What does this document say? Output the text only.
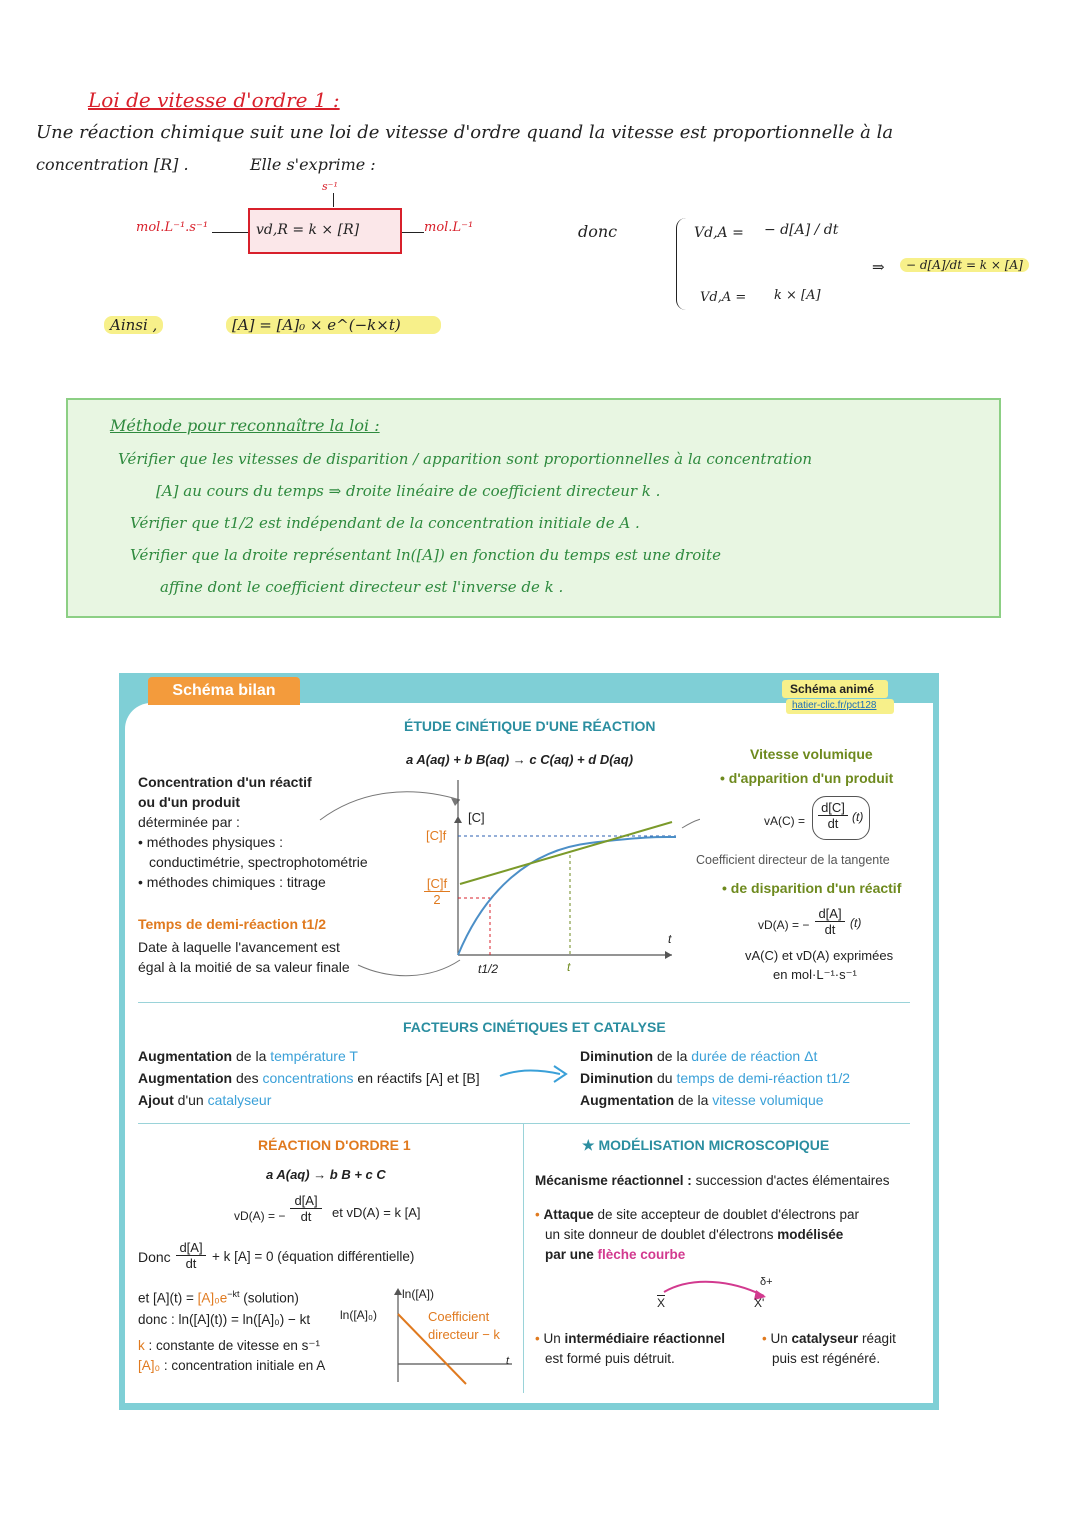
Loi de vitesse d'ordre 1 :
Une réaction chimique suit une loi de vitesse d'ordre quand la vitesse est proportionnelle à la
concentration [R] .	Elle s'exprime :
s⁻¹
mol.L⁻¹.s⁻¹	vd,R = k × [R]	mol.L⁻¹	donc	Vd,A = − d[A] / dt
Vd,A = k × [A]
⇒	− d[A]/dt = k × [A]
Ainsi ,	[A] = [A]₀ × e^(−k×t)
Méthode pour reconnaître la loi :
Vérifier que les vitesses de disparition / apparition sont proportionnelles à la concentration
[A] au cours du temps ⇒ droite linéaire de coefficient directeur k .
Vérifier que t1/2 est indépendant de la concentration initiale de A .
Vérifier que la droite représentant ln([A]) en fonction du temps est une droite
affine dont le coefficient directeur est l'inverse de k .
Schéma bilan	Schéma animé
hatier-clic.fr/pct128
ÉTUDE CINÉTIQUE D'UNE RÉACTION
a A(aq) + b B(aq) → c C(aq) + d D(aq)
Concentration d'un réactif
ou d'un produit
déterminée par :
• méthodes physiques :
conductimétrie, spectrophotométrie
• méthodes chimiques : titrage
Temps de demi-réaction t1/2
Date à laquelle l'avancement est
égal à la moitié de sa valeur finale
[C]
[C]f
$\frac{[C]f}{2}$
t
t1/2	t
Vitesse volumique
• d'apparition d'un produit
$vA(C) = \frac{d[C]}{dt} (t)$
Coefficient directeur de la tangente
• de disparition d'un réactif
vD(A) = − $\frac{d[A]}{dt} (t)$
vA(C) et vD(A) exprimées
en mol·L⁻¹·s⁻¹
FACTEURS CINÉTIQUES ET CATALYSE
Augmentation de la température T
Augmentation des concentrations en réactifs [A] et [B]
Ajout d'un catalyseur
Diminution de la durée de réaction Δt
Diminution du temps de demi-réaction t1/2
Augmentation de la vitesse volumique
RÉACTION D'ORDRE 1
a A(aq) → b B + c C
vD(A) = − $\frac{d[A]}{dt}$ et vD(A) = k [A]
Donc $\frac{d[A]}{dt} + k$ [A] = 0 (équation différentielle)
et $[A](t) = [A]_0e^{-kt}$ (solution)
donc : ln([A](t)) = ln([A]₀) − kt
k : constante de vitesse en s⁻¹
[A]₀ : concentration initiale en A
ln([A])
ln([A]₀)	Coefficient
directeur − k
t
★ MODÉLISATION MICROSCOPIQUE
Mécanisme réactionnel : succession d'actes élémentaires
• Attaque de site accepteur de doublet d'électrons par
un site donneur de doublet d'électrons modélisée
par une flèche courbe
$\overline{X}$
δ+
X'
• Un intermédiaire réactionnel
est formé puis détruit.
• Un catalyseur réagit
puis est régénéré.
